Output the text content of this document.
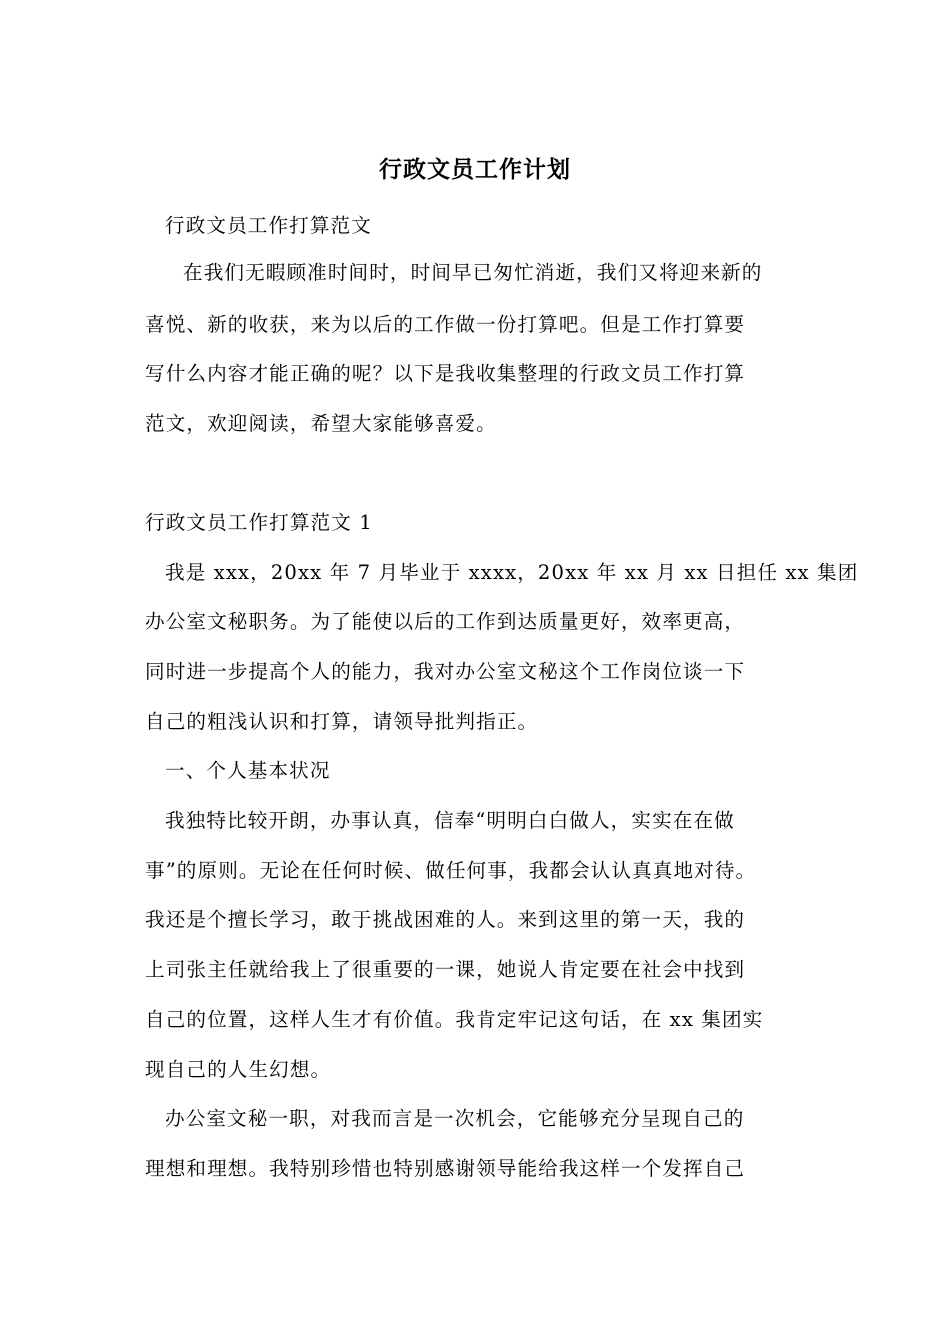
行政文员工作计划
行政文员工作打算范文
在我们无暇顾准时间时，时间早已匆忙消逝，我们又将迎来新的
喜悦、新的收获，来为以后的工作做一份打算吧。但是工作打算要
写什么内容才能正确的呢？以下是我收集整理的行政文员工作打算
范文，欢迎阅读，希望大家能够喜爱。
行政文员工作打算范文 1
我是 xxx，20xx 年 7 月毕业于 xxxx，20xx 年 xx 月 xx 日担任 xx 集团
办公室文秘职务。为了能使以后的工作到达质量更好，效率更高，
同时进一步提高个人的能力，我对办公室文秘这个工作岗位谈一下
自己的粗浅认识和打算，请领导批判指正。
一、个人基本状况
我独特比较开朗，办事认真，信奉“明明白白做人，实实在在做
事”的原则。无论在任何时候、做任何事，我都会认认真真地对待。
我还是个擅长学习，敢于挑战困难的人。来到这里的第一天，我的
上司张主任就给我上了很重要的一课，她说人肯定要在社会中找到
自己的位置，这样人生才有价值。我肯定牢记这句话，在 xx 集团实
现自己的人生幻想。
办公室文秘一职，对我而言是一次机会，它能够充分呈现自己的
理想和理想。我特别珍惜也特别感谢领导能给我这样一个发挥自己
